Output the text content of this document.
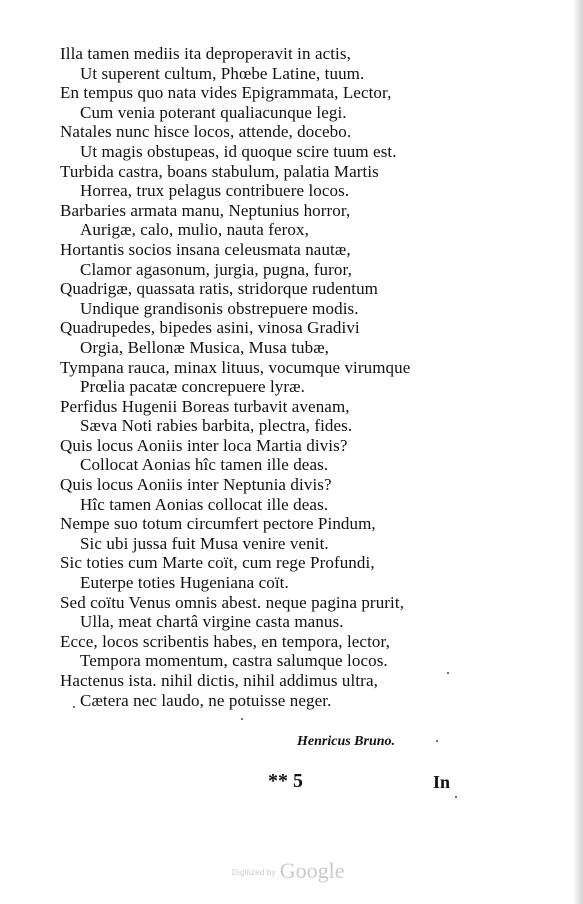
Illa tamen mediis ita deproperavit in actis,
Ut superent cultum, Phœbe Latine, tuum.
En tempus quo nata vides Epigrammata, Lector,
Cum venia poterant qualiacunque legi.
Natales nunc hisce locos, attende, docebo.
Ut magis obstupeas, id quoque scire tuum est.
Turbida castra, boans stabulum, palatia Martis
Horrea, trux pelagus contribuere locos.
Barbaries armata manu, Neptunius horror,
Aurigæ, calo, mulio, nauta ferox,
Hortantis socios insana celeusmata nautæ,
Clamor agasonum, jurgia, pugna, furor,
Quadrigæ, quassata ratis, stridorque rudentum
Undique grandisonis obstrepuere modis.
Quadrupedes, bipedes asini, vinosa Gradivi
Orgia, Bellonæ Musica, Musa tubæ,
Tympana rauca, minax lituus, vocumque virumque
Prœlia pacatæ concrepuere lyræ.
Perfidus Hugenii Boreas turbavit avenam,
Sæva Noti rabies barbita, plectra, fides.
Quis locus Aoniis inter loca Martia divis?
Collocat Aonias hîc tamen ille deas.
Quis locus Aoniis inter Neptunia divis?
Hîc tamen Aonias collocat ille deas.
Nempe suo totum circumfert pectore Pindum,
Sic ubi jussa fuit Musa venire venit.
Sic toties cum Marte coït, cum rege Profundi,
Euterpe toties Hugeniana coït.
Sed coïtu Venus omnis abest. neque pagina prurit,
Ulla, meat chartâ virgine casta manus.
Ecce, locos scribentis habes, en tempora, lector,
Tempora momentum, castra salumque locos.
Hactenus ista. nihil dictis, nihil addimus ultra,
Cætera nec laudo, ne potuisse neger.
Henricus Bruno.
** 5	In
Digitized by Google
